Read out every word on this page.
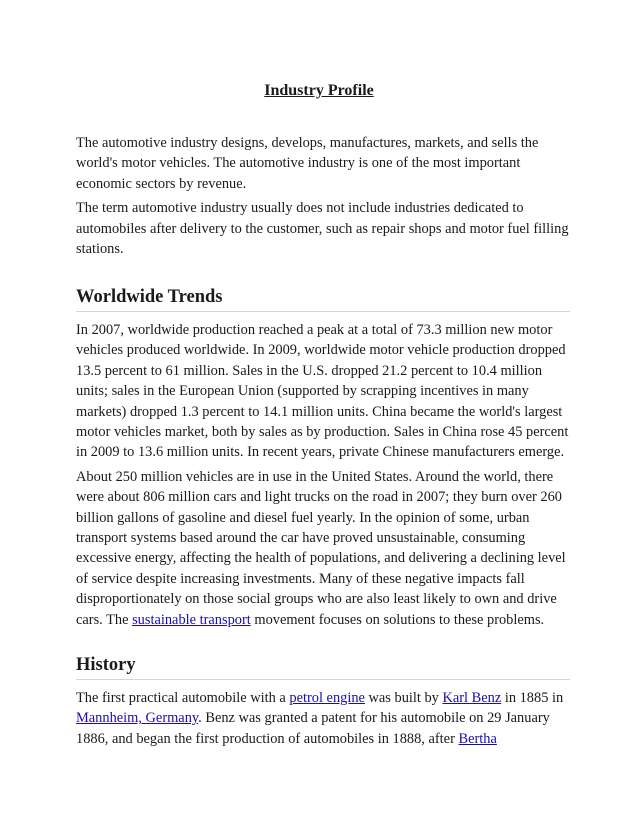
Industry Profile

The automotive industry designs, develops, manufactures, markets, and sells the world's motor vehicles. The automotive industry is one of the most important economic sectors by revenue.

The term automotive industry usually does not include industries dedicated to automobiles after delivery to the customer, such as repair shops and motor fuel filling stations.

Worldwide Trends

In 2007, worldwide production reached a peak at a total of 73.3 million new motor vehicles produced worldwide. In 2009, worldwide motor vehicle production dropped 13.5 percent to 61 million. Sales in the U.S. dropped 21.2 percent to 10.4 million units; sales in the European Union (supported by scrapping incentives in many markets) dropped 1.3 percent to 14.1 million units. China became the world's largest motor vehicles market, both by sales as by production. Sales in China rose 45 percent in 2009 to 13.6 million units. In recent years, private Chinese manufacturers emerge.

About 250 million vehicles are in use in the United States. Around the world, there were about 806 million cars and light trucks on the road in 2007; they burn over 260 billion gallons of gasoline and diesel fuel yearly. In the opinion of some, urban transport systems based around the car have proved unsustainable, consuming excessive energy, affecting the health of populations, and delivering a declining level of service despite increasing investments. Many of these negative impacts fall disproportionately on those social groups who are also least likely to own and drive cars. The sustainable transport movement focuses on solutions to these problems.

History

The first practical automobile with a petrol engine was built by Karl Benz in 1885 in Mannheim, Germany. Benz was granted a patent for his automobile on 29 January 1886, and began the first production of automobiles in 1888, after Bertha
